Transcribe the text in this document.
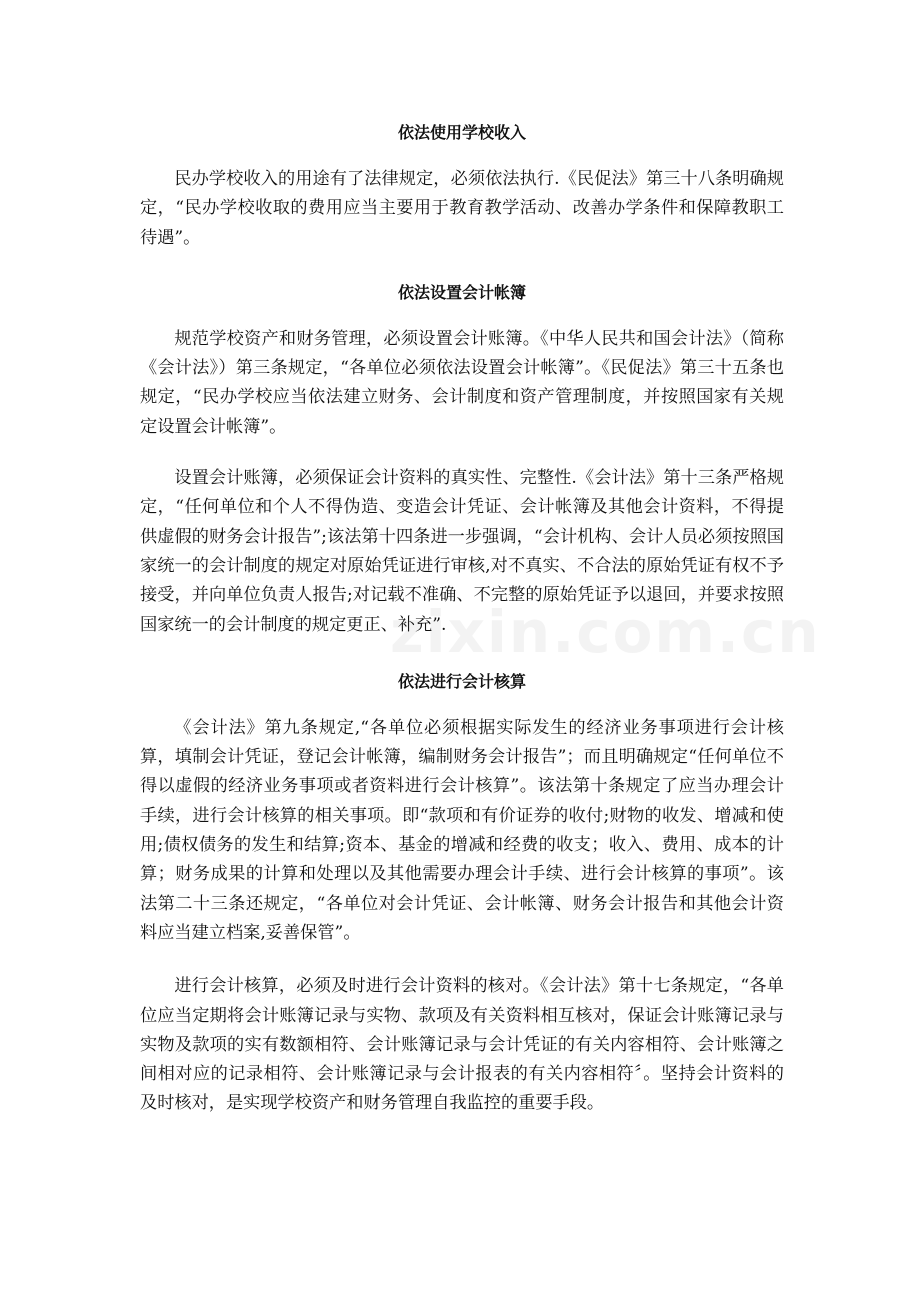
依法使用学校收入

民办学校收入的用途有了法律规定，必须依法执行.《民促法》第三十八条明确规定，“民办学校收取的费用应当主要用于教育教学活动、改善办学条件和保障教职工待遇”。

依法设置会计帐簿

规范学校资产和财务管理，必须设置会计账簿。《中华人民共和国会计法》（简称《会计法》）第三条规定，“各单位必须依法设置会计帐簿”。《民促法》第三十五条也规定，“民办学校应当依法建立财务、会计制度和资产管理制度，并按照国家有关规定设置会计帐簿”。

设置会计账簿，必须保证会计资料的真实性、完整性.《会计法》第十三条严格规定，“任何单位和个人不得伪造、变造会计凭证、会计帐簿及其他会计资料，不得提供虚假的财务会计报告”;该法第十四条进一步强调，“会计机构、会计人员必须按照国家统一的会计制度的规定对原始凭证进行审核,对不真实、不合法的原始凭证有权不予接受，并向单位负责人报告;对记载不准确、不完整的原始凭证予以退回，并要求按照国家统一的会计制度的规定更正、补充”.

依法进行会计核算

《会计法》第九条规定,“各单位必须根据实际发生的经济业务事项进行会计核算，填制会计凭证，登记会计帐簿，编制财务会计报告”；而且明确规定“任何单位不得以虚假的经济业务事项或者资料进行会计核算”。该法第十条规定了应当办理会计手续，进行会计核算的相关事项。即“款项和有价证券的收付;财物的收发、增减和使用;债权债务的发生和结算;资本、基金的增减和经费的收支；收入、费用、成本的计算；财务成果的计算和处理以及其他需要办理会计手续、进行会计核算的事项”。该法第二十三条还规定，“各单位对会计凭证、会计帐簿、财务会计报告和其他会计资料应当建立档案,妥善保管”。

进行会计核算，必须及时进行会计资料的核对。《会计法》第十七条规定，“各单位应当定期将会计账簿记录与实物、款项及有关资料相互核对，保证会计账簿记录与实物及款项的实有数额相符、会计账簿记录与会计凭证的有关内容相符、会计账簿之间相对应的记录相符、会计账簿记录与会计报表的有关内容相符〞。坚持会计资料的及时核对，是实现学校资产和财务管理自我监控的重要手段。

zixin.com.cn
